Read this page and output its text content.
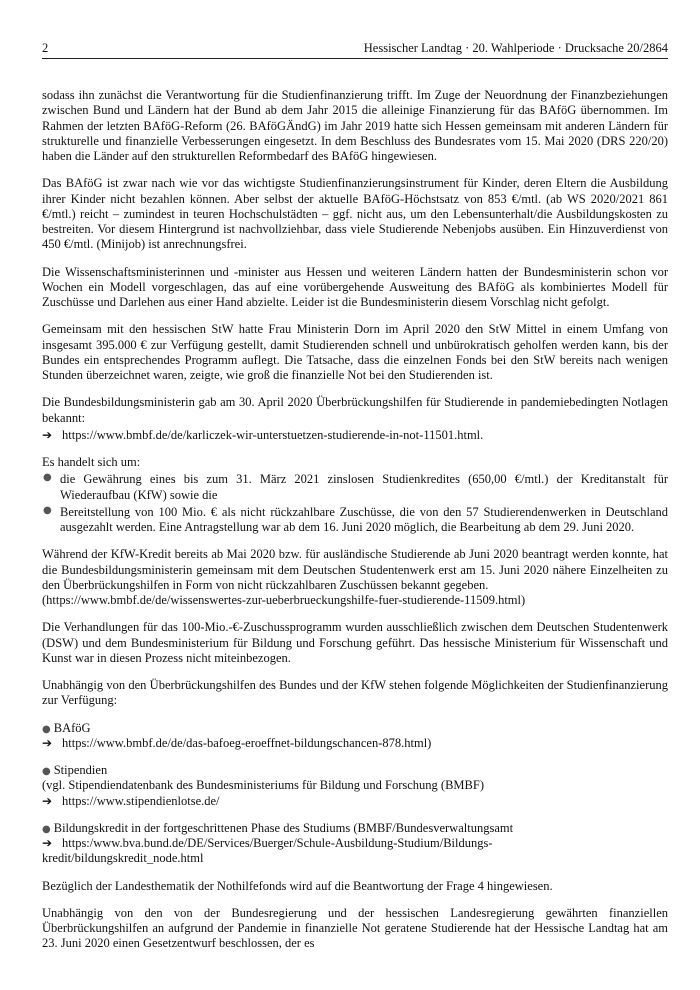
2	Hessischer Landtag · 20. Wahlperiode · Drucksache 20/2864

sodass ihn zunächst die Verantwortung für die Studienfinanzierung trifft. Im Zuge der Neuordnung der Finanzbeziehungen zwischen Bund und Ländern hat der Bund ab dem Jahr 2015 die alleinige Finanzierung für das BAföG übernommen. Im Rahmen der letzten BAföG-Reform (26. BAföGÄndG) im Jahr 2019 hatte sich Hessen gemeinsam mit anderen Ländern für strukturelle und finanzielle Verbesserungen eingesetzt. In dem Beschluss des Bundesrates vom 15. Mai 2020 (DRS 220/20) haben die Länder auf den strukturellen Reformbedarf des BAföG hingewiesen.

Das BAföG ist zwar nach wie vor das wichtigste Studienfinanzierungsinstrument für Kinder, deren Eltern die Ausbildung ihrer Kinder nicht bezahlen können. Aber selbst der aktuelle BAföG-Höchstsatz von 853 €/mtl. (ab WS 2020/2021 861 €/mtl.) reicht – zumindest in teuren Hochschulstädten – ggf. nicht aus, um den Lebensunterhalt/die Ausbildungskosten zu bestreiten. Vor diesem Hintergrund ist nachvollziehbar, dass viele Studierende Nebenjobs ausüben. Ein Hinzuverdienst von 450 €/mtl. (Minijob) ist anrechnungsfrei.

Die Wissenschaftsministerinnen und -minister aus Hessen und weiteren Ländern hatten der Bundesministerin schon vor Wochen ein Modell vorgeschlagen, das auf eine vorübergehende Ausweitung des BAföG als kombiniertes Modell für Zuschüsse und Darlehen aus einer Hand abzielte. Leider ist die Bundesministerin diesem Vorschlag nicht gefolgt.

Gemeinsam mit den hessischen StW hatte Frau Ministerin Dorn im April 2020 den StW Mittel in einem Umfang von insgesamt 395.000 € zur Verfügung gestellt, damit Studierenden schnell und unbürokratisch geholfen werden kann, bis der Bundes ein entsprechendes Programm auflegt. Die Tatsache, dass die einzelnen Fonds bei den StW bereits nach wenigen Stunden überzeichnet waren, zeigte, wie groß die finanzielle Not bei den Studierenden ist.

Die Bundesbildungsministerin gab am 30. April 2020 Überbrückungshilfen für Studierende in pandemiebedingten Notlagen bekannt:

➔ https://www.bmbf.de/de/karliczek-wir-unterstuetzen-studierende-in-not-11501.html.

Es handelt sich um:

● die Gewährung eines bis zum 31. März 2021 zinslosen Studienkredites (650,00 €/mtl.) der Kreditanstalt für Wiederaufbau (KfW) sowie die
● Bereitstellung von 100 Mio. € als nicht rückzahlbare Zuschüsse, die von den 57 Studierendenwerken in Deutschland ausgezahlt werden. Eine Antragstellung war ab dem 16. Juni 2020 möglich, die Bearbeitung ab dem 29. Juni 2020.

Während der KfW-Kredit bereits ab Mai 2020 bzw. für ausländische Studierende ab Juni 2020 beantragt werden konnte, hat die Bundesbildungsministerin gemeinsam mit dem Deutschen Studentenwerk erst am 15. Juni 2020 nähere Einzelheiten zu den Überbrückungshilfen in Form von nicht rückzahlbaren Zuschüssen bekannt gegeben.
(https://www.bmbf.de/de/wissenswertes-zur-ueberbrueckungshilfe-fuer-studierende-11509.html)

Die Verhandlungen für das 100-Mio.-€-Zuschussprogramm wurden ausschließlich zwischen dem Deutschen Studentenwerk (DSW) und dem Bundesministerium für Bildung und Forschung geführt. Das hessische Ministerium für Wissenschaft und Kunst war in diesen Prozess nicht miteinbezogen.

Unabhängig von den Überbrückungshilfen des Bundes und der KfW stehen folgende Möglichkeiten der Studienfinanzierung zur Verfügung:

● BAföG
➔ https://www.bmbf.de/de/das-bafoeg-eroeffnet-bildungschancen-878.html)
● Stipendien
(vgl. Stipendiendatenbank des Bundesministeriums für Bildung und Forschung (BMBF)
➔ https://www.stipendienlotse.de/
● Bildungskredit in der fortgeschrittenen Phase des Studiums (BMBF/Bundesverwaltungsamt
➔ https:/www.bva.bund.de/DE/Services/Buerger/Schule-Ausbildung-Studium/Bildungs-
kredit/bildungskredit_node.html

Bezüglich der Landesthematik der Nothilfefonds wird auf die Beantwortung der Frage 4 hingewiesen.

Unabhängig von den von der Bundesregierung und der hessischen Landesregierung gewährten finanziellen Überbrückungshilfen an aufgrund der Pandemie in finanzielle Not geratene Studierende hat der Hessische Landtag hat am 23. Juni 2020 einen Gesetzentwurf beschlossen, der es
